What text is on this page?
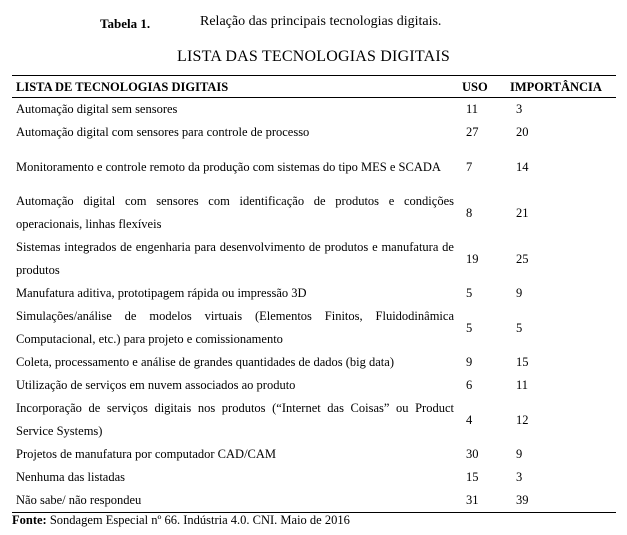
Tabela 1.	Relação das principais tecnologias digitais.
LISTA DAS TECNOLOGIAS DIGITAIS
LISTA DE TECNOLOGIAS DIGITAIS	USO	IMPORTÂNCIA
Automação digital sem sensores	11	3
Automação digital com sensores para controle de processo	27	20
Monitoramento e controle remoto da produção com sistemas do tipo MES e SCADA	7	14
Automação digital com sensores com identificação de produtos e condições operacionais, linhas flexíveis	8	21
Sistemas integrados de engenharia para desenvolvimento de produtos e manufatura de produtos	19	25
Manufatura aditiva, prototipagem rápida ou impressão 3D	5	9
Simulações/análise de modelos virtuais (Elementos Finitos, Fluidodinâmica Computacional, etc.) para projeto e comissionamento	5	5
Coleta, processamento e análise de grandes quantidades de dados (big data)	9	15
Utilização de serviços em nuvem associados ao produto	6	11
Incorporação de serviços digitais nos produtos (“Internet das Coisas” ou Product Service Systems)	4	12
Projetos de manufatura por computador CAD/CAM	30	9
Nenhuma das listadas	15	3
Não sabe/ não respondeu	31	39
Fonte: Sondagem Especial nº 66. Indústria 4.0. CNI. Maio de 2016
